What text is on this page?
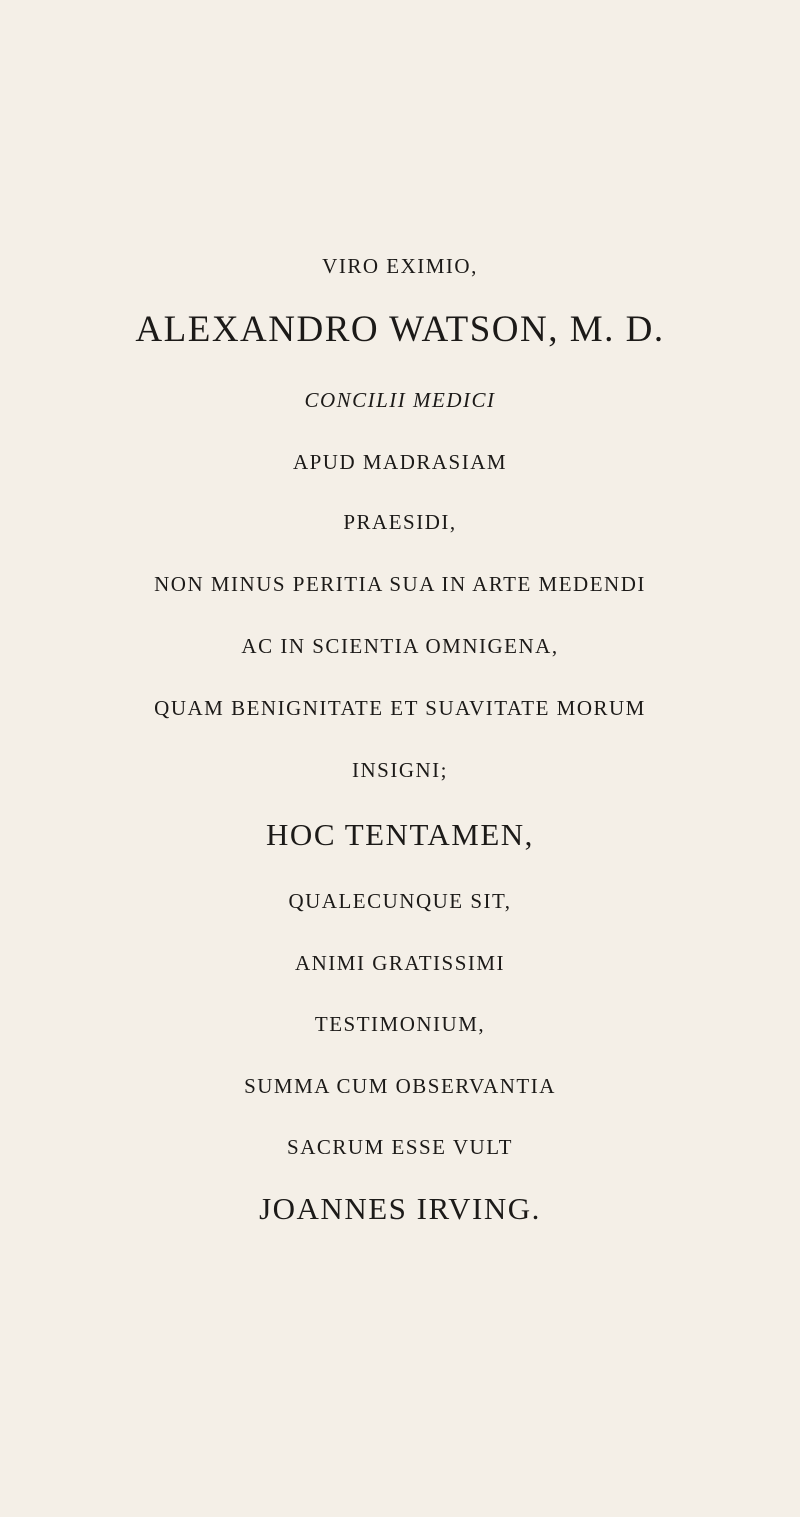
VIRO EXIMIO,
ALEXANDRO WATSON, M. D.
CONCILII MEDICI
APUD MADRASIAM
PRAESIDI,
NON MINUS PERITIA SUA IN ARTE MEDENDI
AC IN SCIENTIA OMNIGENA,
QUAM BENIGNITATE ET SUAVITATE MORUM
INSIGNI;
HOC TENTAMEN,
QUALECUNQUE SIT,
ANIMI GRATISSIMI
TESTIMONIUM,
SUMMA CUM OBSERVANTIA
SACRUM ESSE VULT
JOANNES IRVING.
